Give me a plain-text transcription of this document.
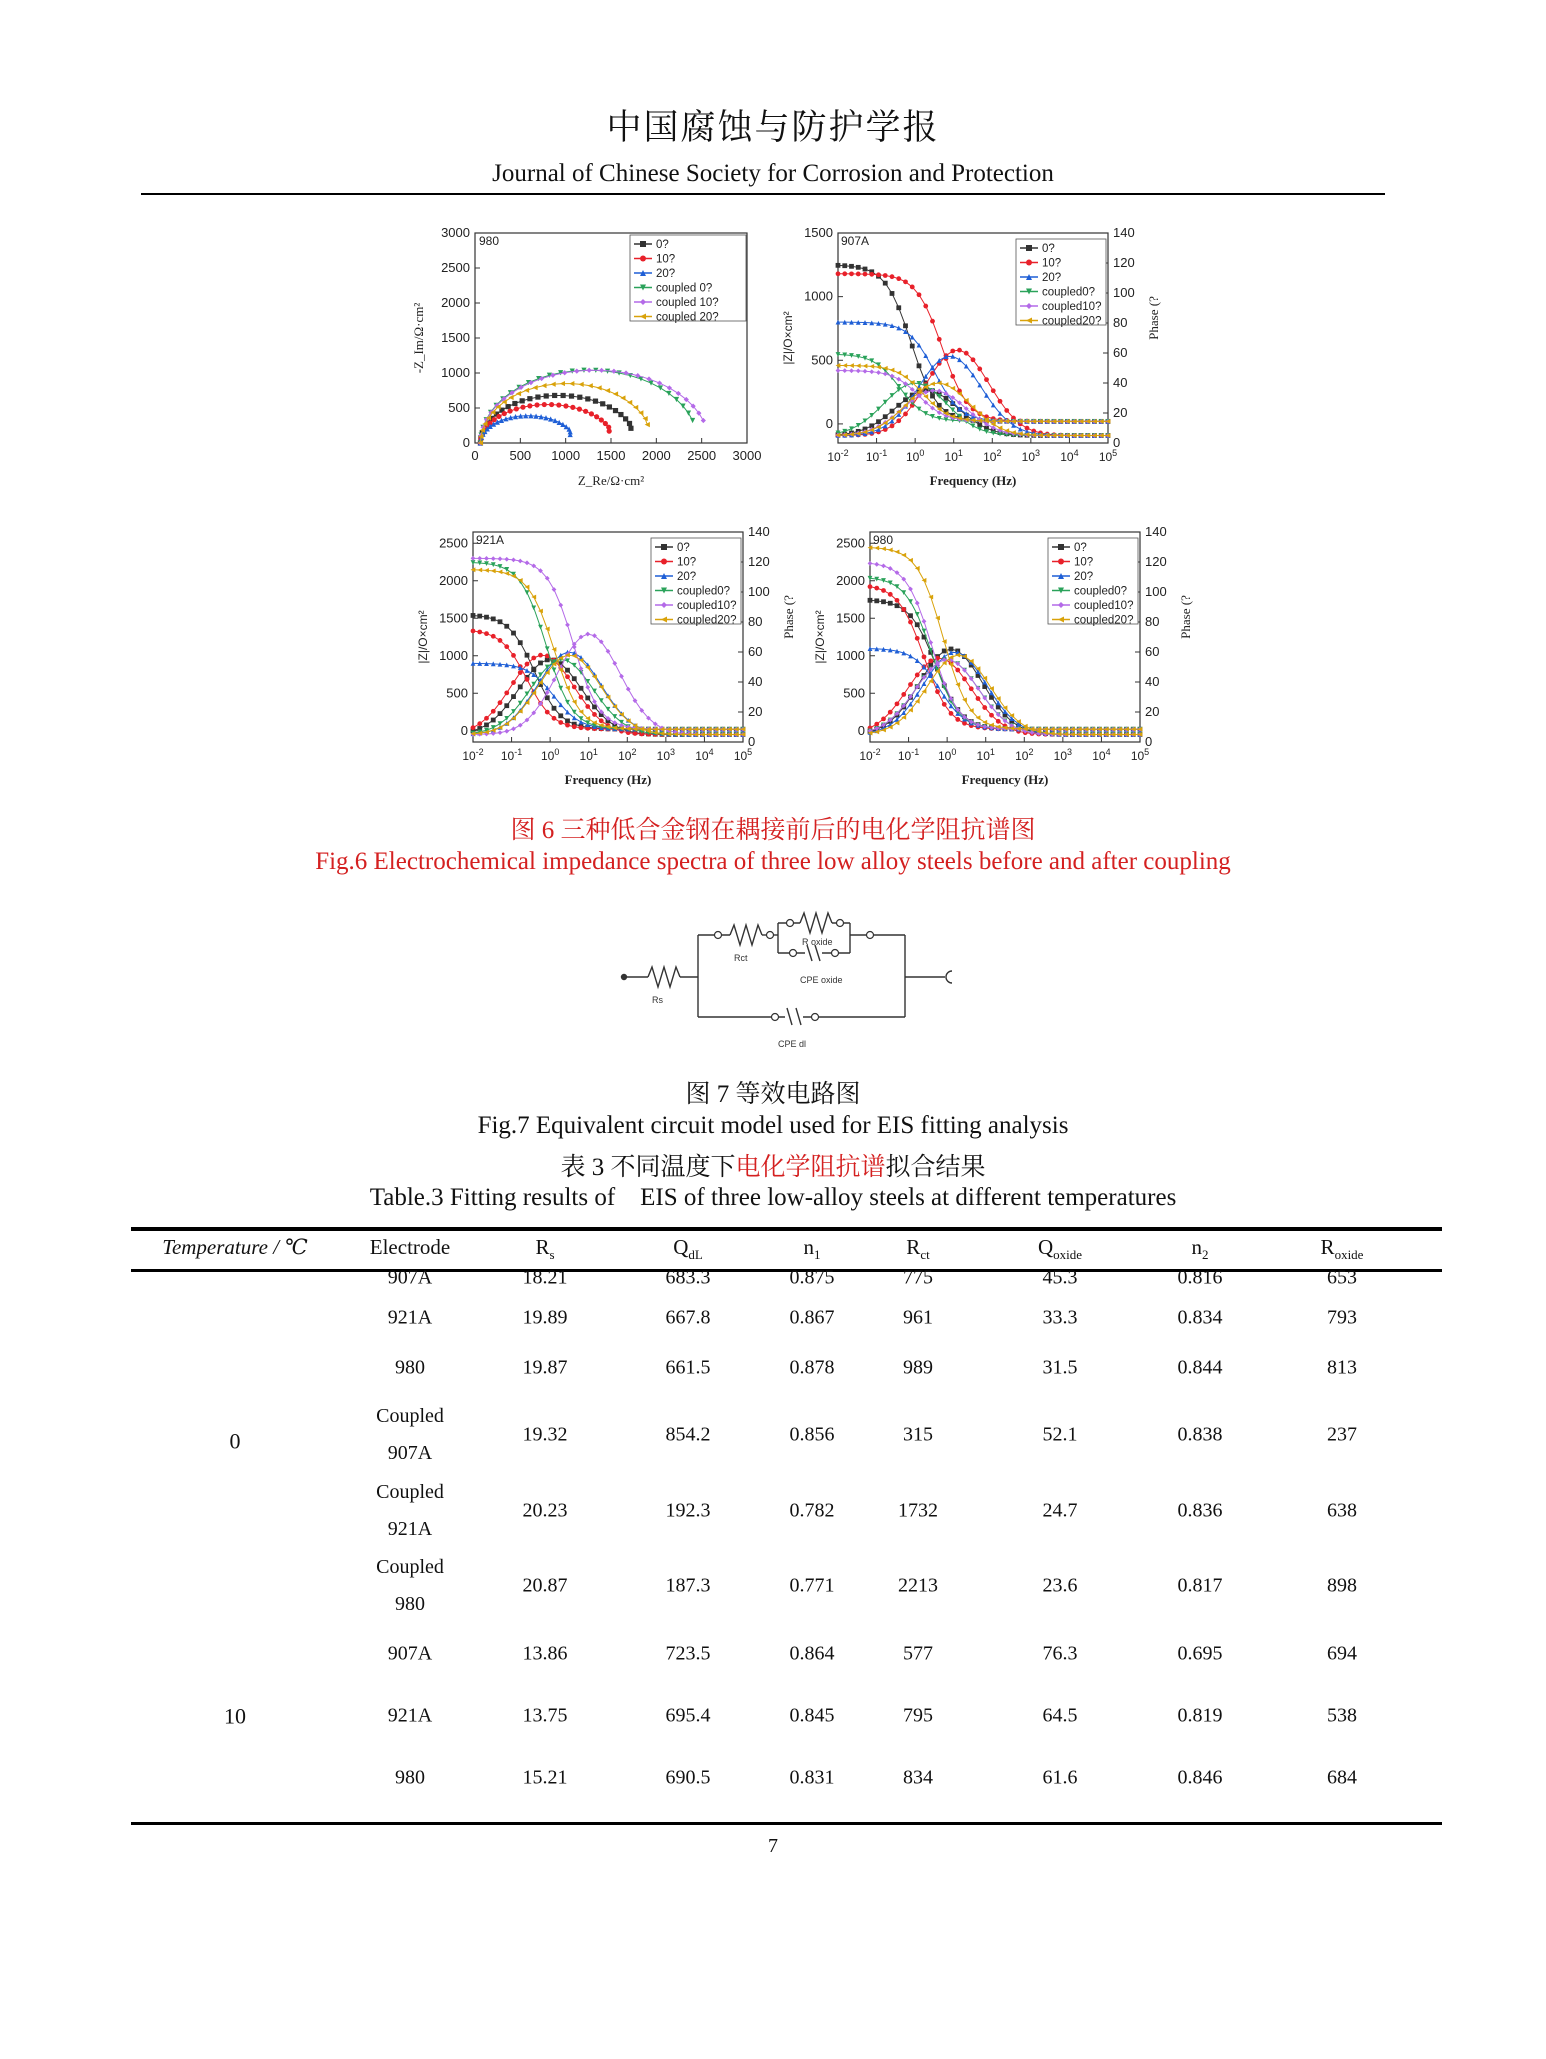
中国腐蚀与防护学报
Journal of Chinese Society for Corrosion and Protection
0 500 1000 1500 2000 2500 3000
0
500
1000
1500
2000
2500
3000
980
Z_Re/Ω·cm²
-Z_Im/Ω·cm²
0?
10?
20?
coupled 0?
coupled 10?
coupled 20?
$10^{-2}$ $10^{-1}$ $10^0$ $10^1$ $10^2$ $10^3$ $10^4$ $10^5$
0
500
1000
1500
0
20
40
60
80
100
120
140
907A
Frequency (Hz)
|Z|/O×cm²	Phase (?
0?
10?
20?
coupled0?
coupled10?
coupled20?
$10^{-2}$ $10^{-1}$ $10^0$ $10^1$ $10^2$ $10^3$ $10^4$ $10^5$
0
500
1000
1500
2000
2500
0
20
40
60
80
100
120
140
921A
Frequency (Hz)
|Z|/O×cm²	Phase (?
0?
10?
20?
coupled0?
coupled10?
coupled20?
$10^{-2}$ $10^{-1}$ $10^0$ $10^1$ $10^2$ $10^3$ $10^4$ $10^5$
0
500
1000
1500
2000
2500
0
20
40
60
80
100
120
140
980
Frequency (Hz)
|Z|/O×cm²	Phase (?
0?
10?
20?
coupled0?
coupled10?
coupled20?
图 6 三种低合金钢在耦接前后的电化学阻抗谱图
Fig.6 Electrochemical impedance spectra of three low alloy steels before and after coupling
Rs
Rct
R oxide
CPE oxide
CPE dl
图 7 等效电路图
Fig.7 Equivalent circuit model used for EIS fitting analysis
表 3 不同温度下电化学阻抗谱拟合结果
Table.3 Fitting results of    EIS of three low-alloy steels at different temperatures
Temperature / ℃	Electrode	$R_s$	$Q_{dL}$	$n_1$	$R_{ct}$	$Q_{oxide}$	$n_2$	$R_{oxide}$
0
907A	18.21	683.3	0.875	775	45.3	0.816	653
921A	19.89	667.8	0.867	961	33.3	0.834	793
980	19.87	661.5	0.878	989	31.5	0.844	813
Coupled
907A
19.32	854.2	0.856	315	52.1	0.838	237
Coupled
921A
20.23	192.3	0.782	1732	24.7	0.836	638
Coupled
980
20.87	187.3	0.771	2213	23.6	0.817	898
10
907A	13.86	723.5	0.864	577	76.3	0.695	694
921A	13.75	695.4	0.845	795	64.5	0.819	538
980	15.21	690.5	0.831	834	61.6	0.846	684
7
